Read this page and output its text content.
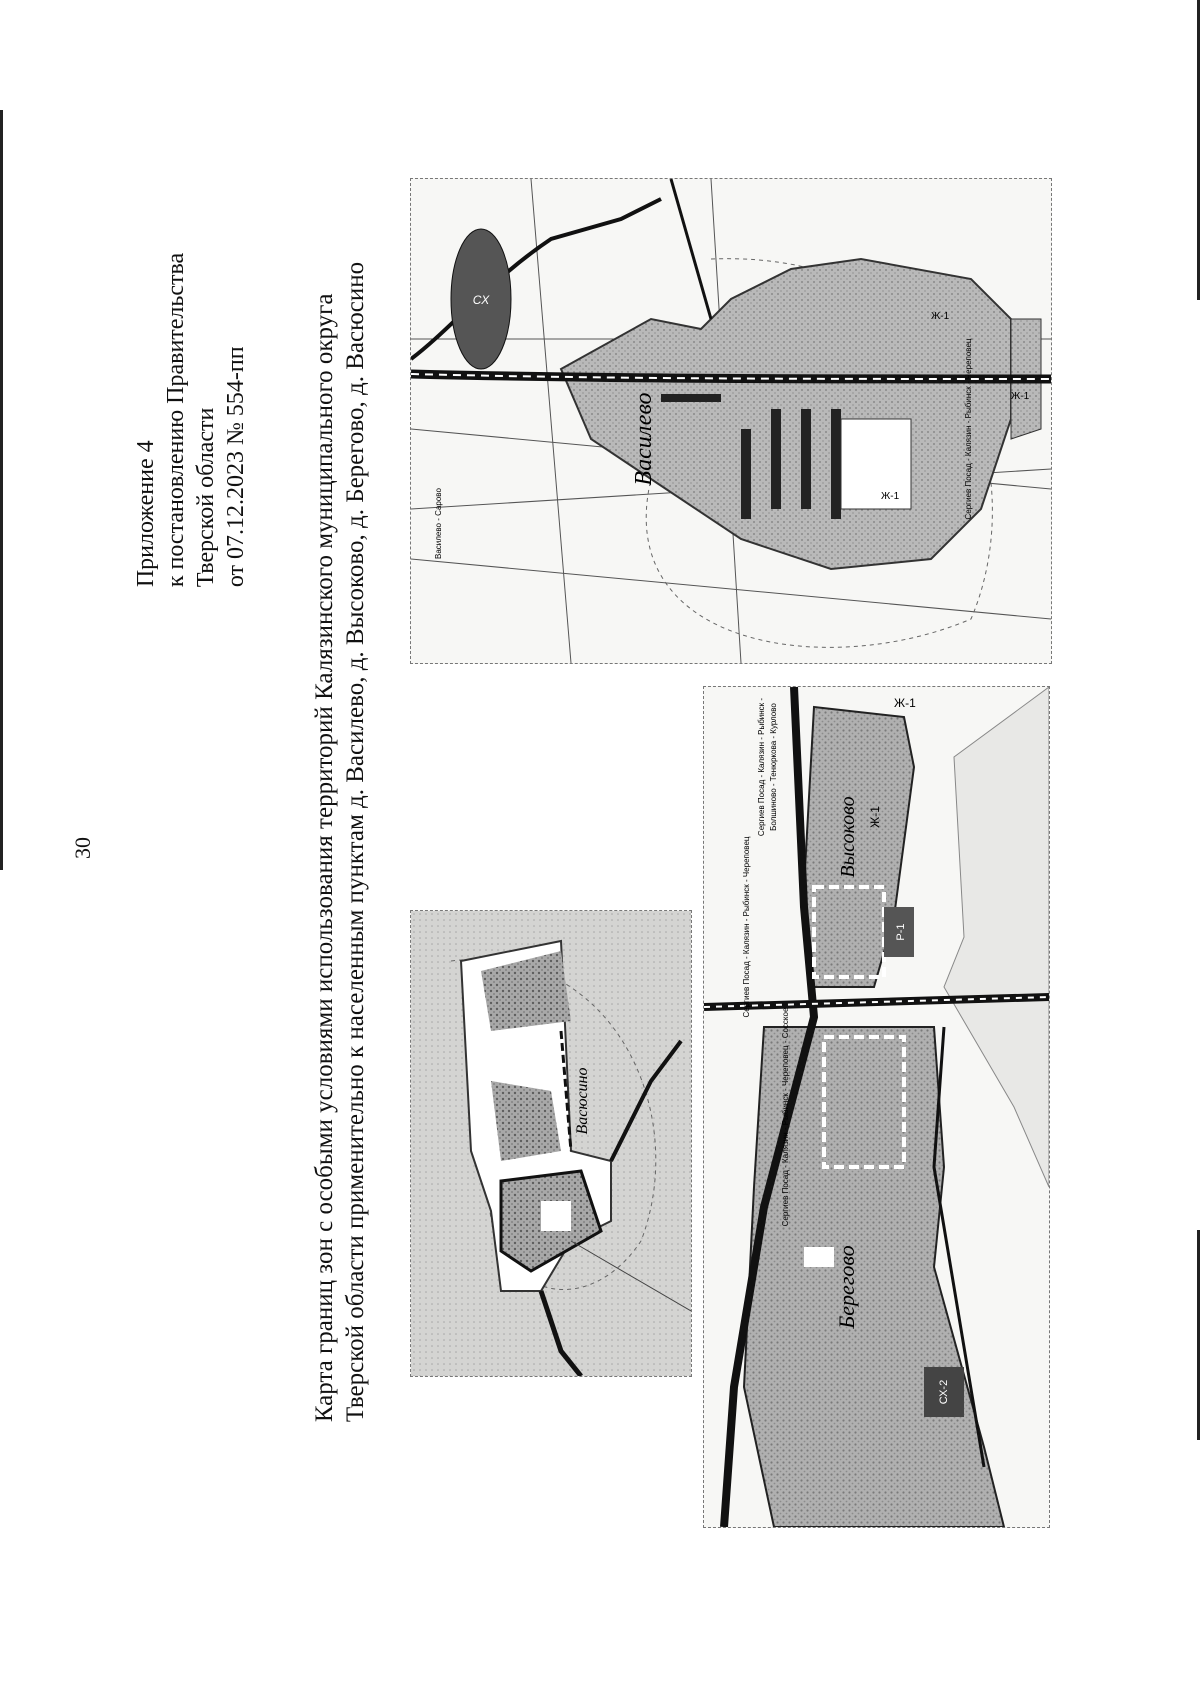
30
Приложение 4 к постановлению Правительства Тверской области от 07.12.2023 № 554-пп Карта границ зон с особыми условиями использования территорий Калязинского муниципального округа Тверской области применительно к населенным пунктам д. Василево, д. Высоково, д. Берегово, д. Васюсино	СХ
Василево	Сергиев Посад - Калязин - Рыбинск - Череповец
Василево - Сарово	Ж-1
Ж-1
Ж-1
Васюсино
Высоково
Берегово
Ж-1
Р-1
СХ-2
Ж-1
Сергиев Посад - Калязин - Рыбинск - Череповец
Сергиев Посад - Калязин - Рыбинск - Болшиново - Тенюркова - Курлово
Сергиев Посад - Калязин - Рыбинск - Череповец - Сосское
